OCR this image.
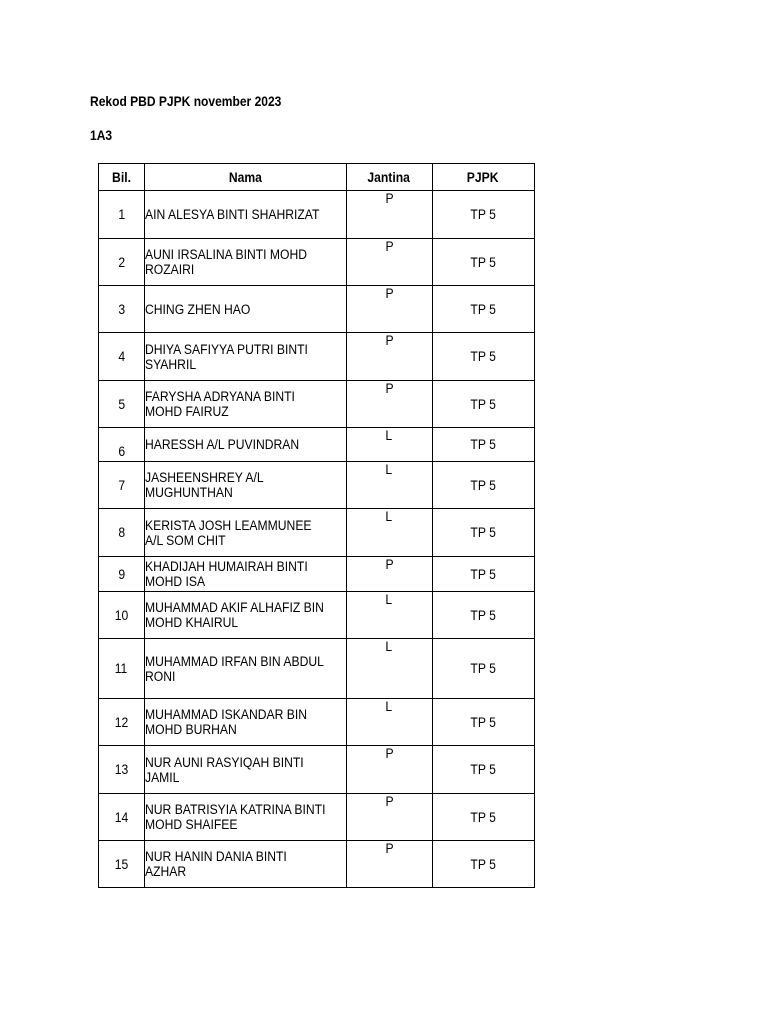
Rekod PBD PJPK november 2023
1A3
Bil.	Nama	Jantina	PJPK
1	AIN ALESYA BINTI SHAHRIZAT	P	TP 5
2	AUNI IRSALINA BINTI MOHD
ROZAIRI	P	TP 5
3	CHING ZHEN HAO	P	TP 5
4	DHIYA SAFIYYA PUTRI BINTI
SYAHRIL	P	TP 5
5	FARYSHA ADRYANA BINTI
MOHD FAIRUZ	P	TP 5

6	HARESSH A/L PUVINDRAN	L	TP 5
7	JASHEENSHREY A/L
MUGHUNTHAN	L	TP 5
8	KERISTA JOSH LEAMMUNEE
A/L SOM CHIT	L	TP 5
9	KHADIJAH HUMAIRAH BINTI
MOHD ISA	P	TP 5
10	MUHAMMAD AKIF ALHAFIZ BIN
MOHD KHAIRUL	L	TP 5
11	MUHAMMAD IRFAN BIN ABDUL
RONI	L	TP 5
12	MUHAMMAD ISKANDAR BIN
MOHD BURHAN	L	TP 5
13	NUR AUNI RASYIQAH BINTI
JAMIL	P	TP 5
14	NUR BATRISYIA KATRINA BINTI
MOHD SHAIFEE	P	TP 5
15	NUR HANIN DANIA BINTI
AZHAR	P	TP 5
